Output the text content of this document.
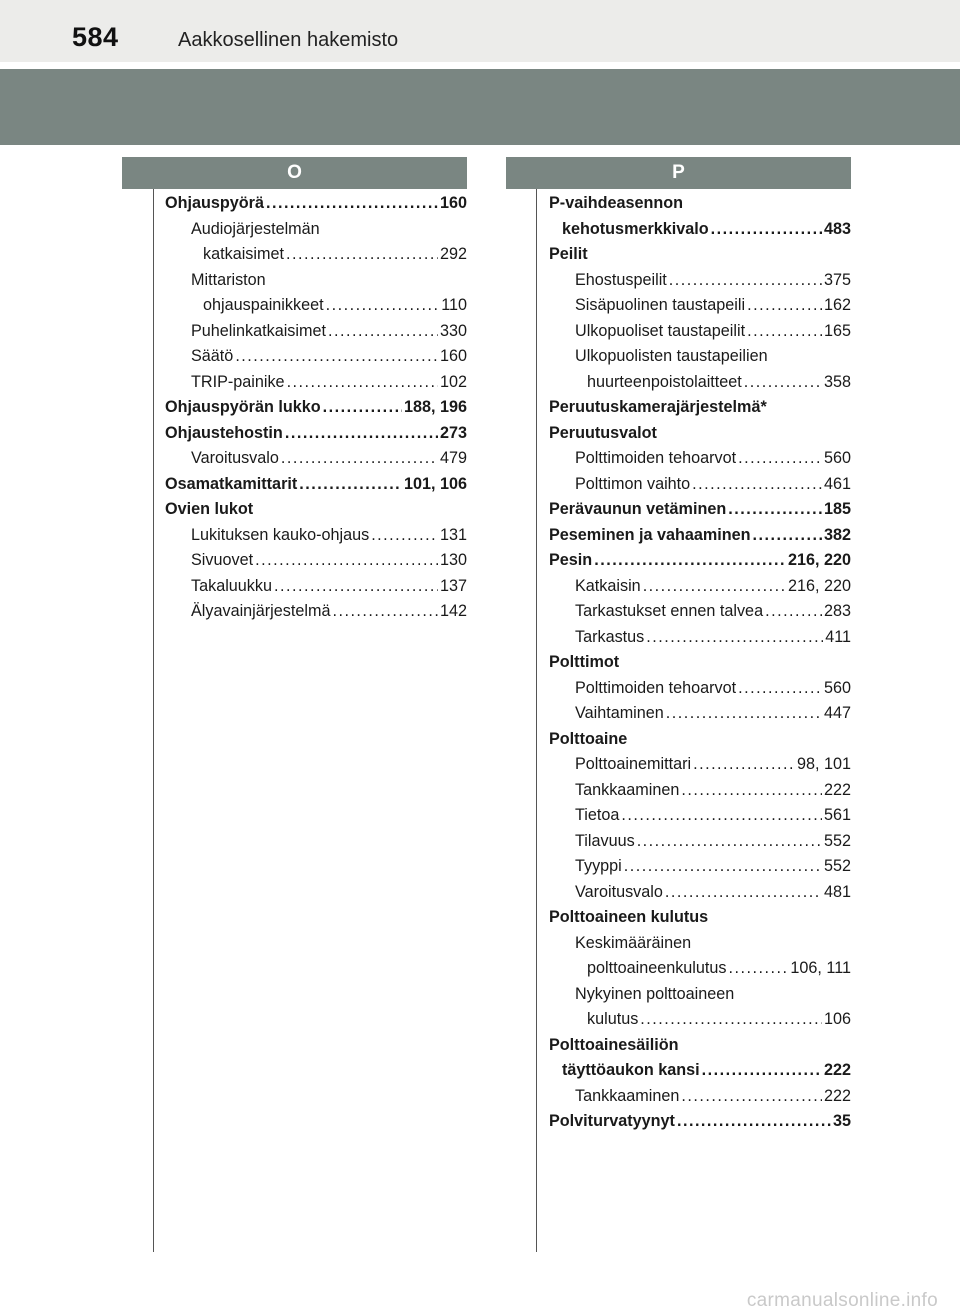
584	Aakkosellinen hakemisto
O	P
Ohjauspyörä . . .	160
Audiojärjestelmän
katkaisimet . . .	292
Mittariston
ohjauspainikkeet . . .	110
Puhelinkatkaisimet . . .	330
Säätö . . .	160
TRIP-painike . . .	102
Ohjauspyörän lukko . . .	188, 196
Ohjaustehostin . . .	273
Varoitusvalo . . .	479
Osamatkamittarit . . .	101, 106
Ovien lukot
Lukituksen kauko-ohjaus . . .	131
Sivuovet . . .	130
Takaluukku . . .	137
Älyavainjärjestelmä . . .	142
P-vaihdeasennon
kehotusmerkkivalo . . .	483
Peilit
Ehostuspeilit . . .	375
Sisäpuolinen taustapeili . . .	162
Ulkopuoliset taustapeilit . . .	165
Ulkopuolisten taustapeilien
huurteenpoistolaitteet . . .	358
Peruutuskamerajärjestelmä*
Peruutusvalot
Polttimoiden tehoarvot . . .	560
Polttimon vaihto . . .	461
Perävaunun vetäminen . . .	185
Peseminen ja vahaaminen . . .	382
Pesin . . .	216, 220
Katkaisin . . .	216, 220
Tarkastukset ennen talvea . . .	283
Tarkastus . . .	411
Polttimot
Polttimoiden tehoarvot . . .	560
Vaihtaminen . . .	447
Polttoaine
Polttoainemittari . . .	98, 101
Tankkaaminen . . .	222
Tietoa . . .	561
Tilavuus . . .	552
Tyyppi . . .	552
Varoitusvalo . . .	481
Polttoaineen kulutus
Keskimääräinen
polttoaineenkulutus . . .	106, 111
Nykyinen polttoaineen
kulutus . . .	106
Polttoainesäiliön
täyttöaukon kansi . . .	222
Tankkaaminen . . .	222
Polviturvatyynyt . . .	35
carmanualsonline.info
